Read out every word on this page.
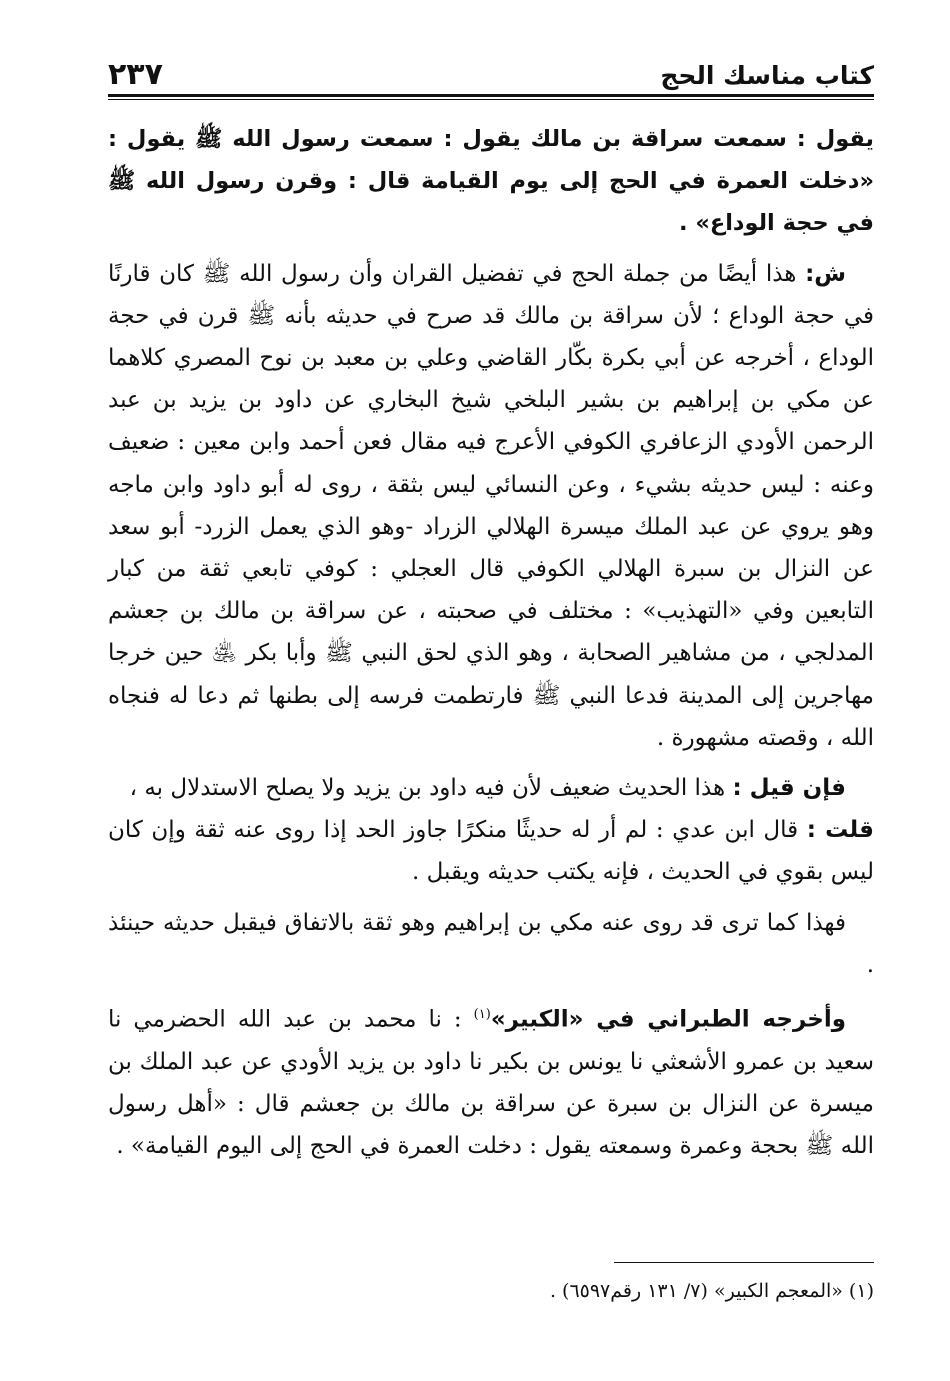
٢٣٧	كتاب مناسك الحج

يقول : سمعت سراقة بن مالك يقول : سمعت رسول الله ﷺ يقول : «دخلت العمرة في الحج إلى يوم القيامة قال : وقرن رسول الله ﷺ في حجة الوداع» .

ش: هذا أيضًا من جملة الحج في تفضيل القران وأن رسول الله ﷺ كان قارنًا في حجة الوداع ؛ لأن سراقة بن مالك قد صرح في حديثه بأنه ﷺ قرن في حجة الوداع ، أخرجه عن أبي بكرة بكّار القاضي وعلي بن معبد بن نوح المصري كلاهما عن مكي بن إبراهيم بن بشير البلخي شيخ البخاري عن داود بن يزيد بن عبد الرحمن الأودي الزعافري الكوفي الأعرج فيه مقال فعن أحمد وابن معين : ضعيف وعنه : ليس حديثه بشيء ، وعن النسائي ليس بثقة ، روى له أبو داود وابن ماجه وهو يروي عن عبد الملك ميسرة الهلالي الزراد -وهو الذي يعمل الزرد- أبو سعد عن النزال بن سبرة الهلالي الكوفي قال العجلي : كوفي تابعي ثقة من كبار التابعين وفي «التهذيب» : مختلف في صحبته ، عن سراقة بن مالك بن جعشم المدلجي ، من مشاهير الصحابة ، وهو الذي لحق النبي ﷺ وأبا بكر ﵁ حين خرجا مهاجرين إلى المدينة فدعا النبي ﷺ فارتطمت فرسه إلى بطنها ثم دعا له فنجاه الله ، وقصته مشهورة .

فإن قيل : هذا الحديث ضعيف لأن فيه داود بن يزيد ولا يصلح الاستدلال به ،

قلت : قال ابن عدي : لم أر له حديثًا منكرًا جاوز الحد إذا روى عنه ثقة وإن كان ليس بقوي في الحديث ، فإنه يكتب حديثه ويقبل .

فهذا كما ترى قد روى عنه مكي بن إبراهيم وهو ثقة بالاتفاق فيقبل حديثه حينئذ .

وأخرجه الطبراني في «الكبير»$^{(١)}$ : نا محمد بن عبد الله الحضرمي نا سعيد بن عمرو الأشعثي نا يونس بن بكير نا داود بن يزيد الأودي عن عبد الملك بن ميسرة عن النزال بن سبرة عن سراقة بن مالك بن جعشم قال : «أهل رسول الله ﷺ بحجة وعمرة وسمعته يقول : دخلت العمرة في الحج إلى اليوم القيامة» .

(١) «المعجم الكبير» (٧/ ١٣١ رقم٦٥٩٧) .
